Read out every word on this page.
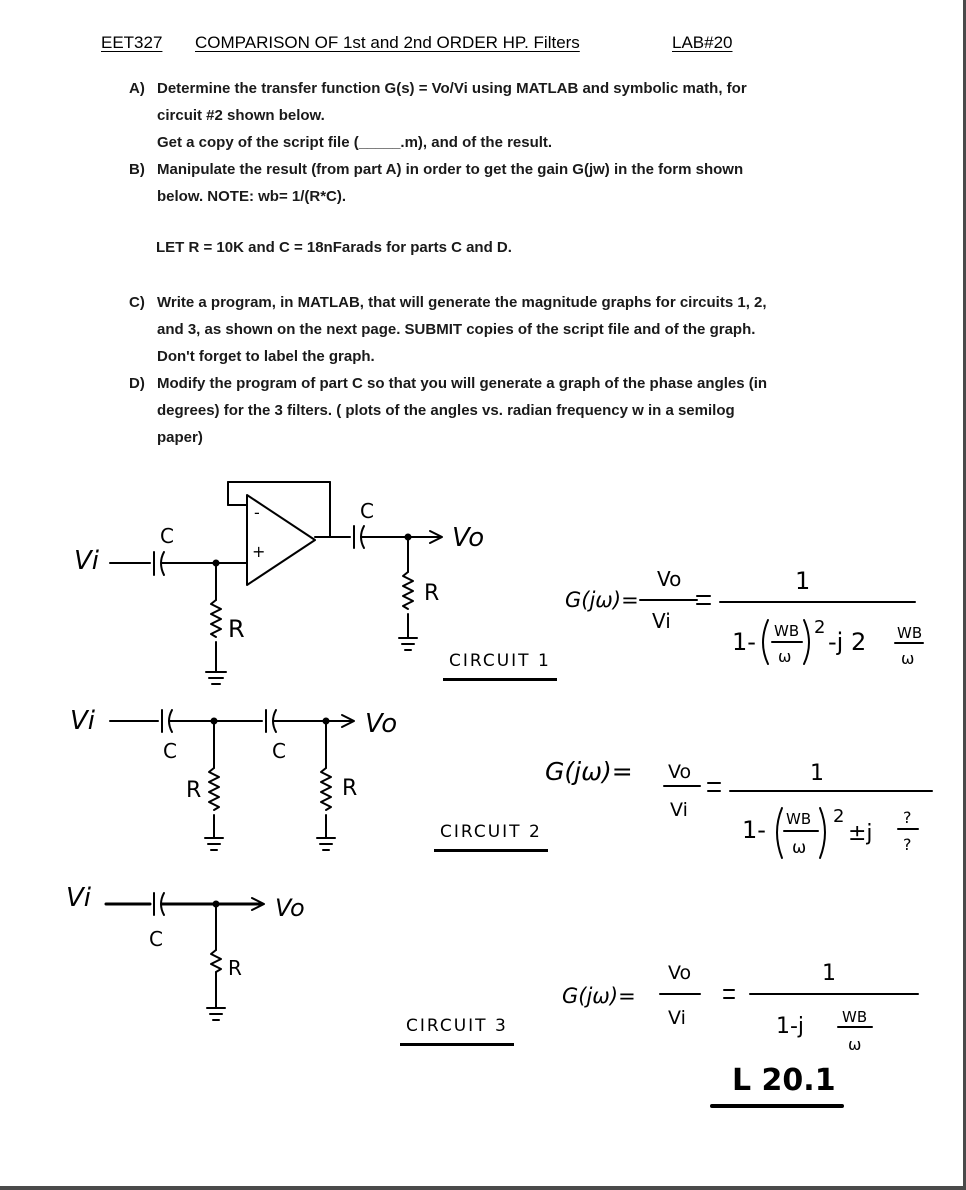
EET327 COMPARISON OF 1st and 2nd ORDER HP. Filters	LAB#20
A) Determine the transfer function G(s) = Vo/Vi using MATLAB and symbolic math, for
circuit #2 shown below.
Get a copy of the script file (_____.m), and of the result.
B) Manipulate the result (from part A) in order to get the gain G(jw) in the form shown
below. NOTE: wb= 1/(R*C).
LET R = 10K and C = 18nFarads for parts C and D.
C) Write a program, in MATLAB, that will generate the magnitude graphs for circuits 1, 2,
and 3, as shown on the next page. SUBMIT copies of the script file and of the graph.
Don't forget to label the graph.
D) Modify the program of part C so that you will generate a graph of the phase angles (in
degrees) for the 3 filters. ( plots of the angles vs. radian frequency w in a semilog
paper)
Vi
C
R
-
+
C
Vo
R	G(jω)=
Vo
Vi
1
1- WB
ω
2
-j 2 WB
ω
Vi
C	C
Vo
R	R
G(jω)= Vo
Vi
1
1- WB
ω
2
±j
?
?
Vi
C
Vo
R
G(jω)=
Vo
Vi
1
1-j	WB
ω
CIRCUIT 1
CIRCUIT 2
CIRCUIT 3
L 20.1
